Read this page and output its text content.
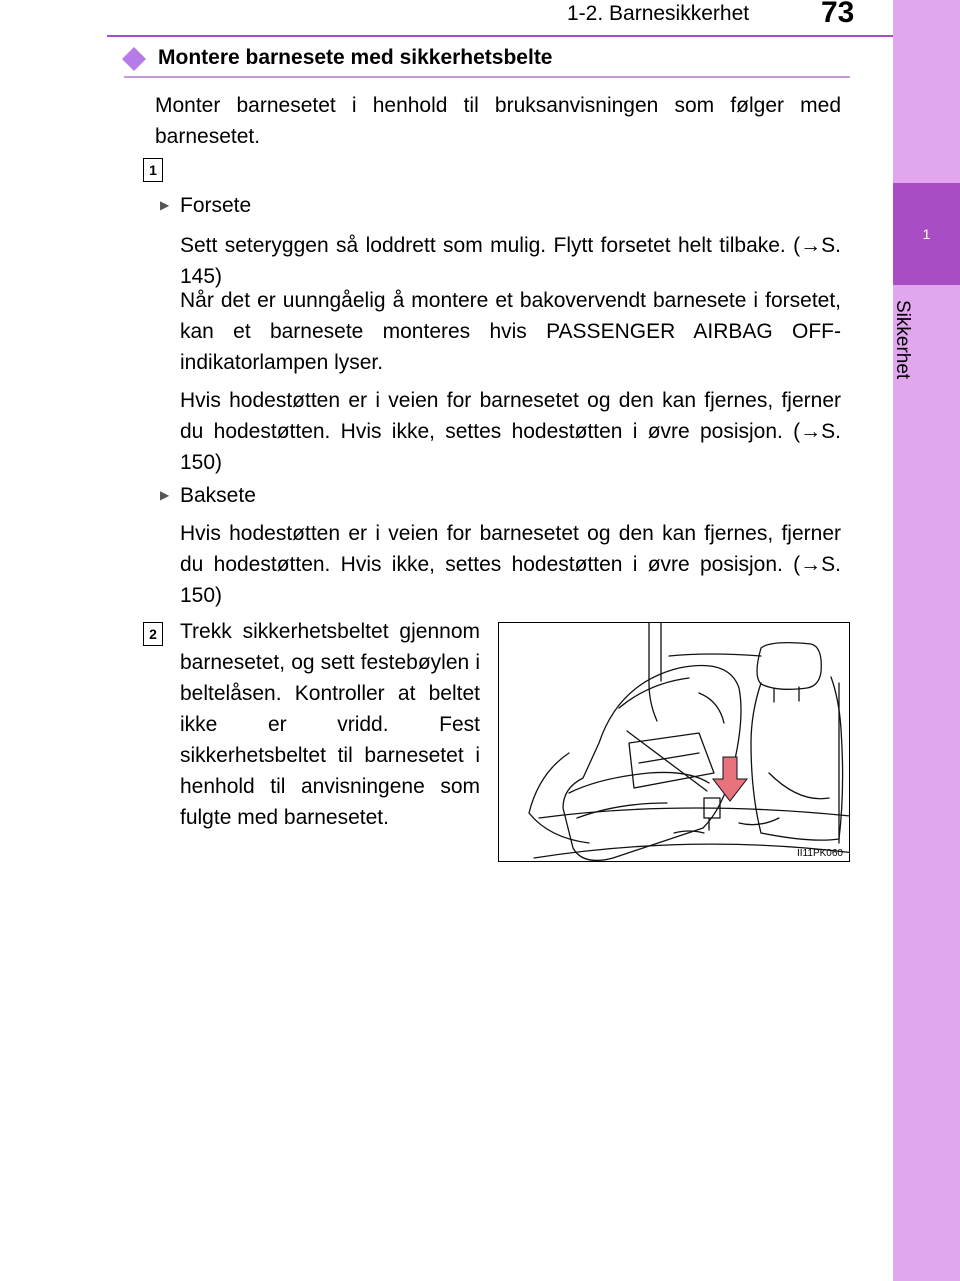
1
Sikkerhet
1-2. Barnesikkerhet 73
Montere barnesete med sikkerhetsbelte

Monter barnesetet i henhold til bruksanvisningen som følger med barnesetet.

1
▶ Forsete

Sett seteryggen så loddrett som mulig. Flytt forsetet helt tilbake. (→S. 145)

Når det er uunngåelig å montere et bakovervendt barnesete i forsetet, kan et barnesete monteres hvis PASSENGER AIRBAG OFF-indikatorlampen lyser.

Hvis hodestøtten er i veien for barnesetet og den kan fjernes, fjerner du hodestøtten. Hvis ikke, settes hodestøtten i øvre posisjon. (→S. 150)

▶ Baksete

Hvis hodestøtten er i veien for barnesetet og den kan fjernes, fjerner du hodestøtten. Hvis ikke, settes hodestøtten i øvre posisjon. (→S. 150)

2 Trekk sikkerhetsbeltet gjennom barnesetet, og sett festebøylen i beltelåsen. Kontroller at beltet ikke er vridd. Fest sikkerhetsbeltet til barnesetet i henhold til anvisningene som fulgte med barnesetet.

II11PK060
